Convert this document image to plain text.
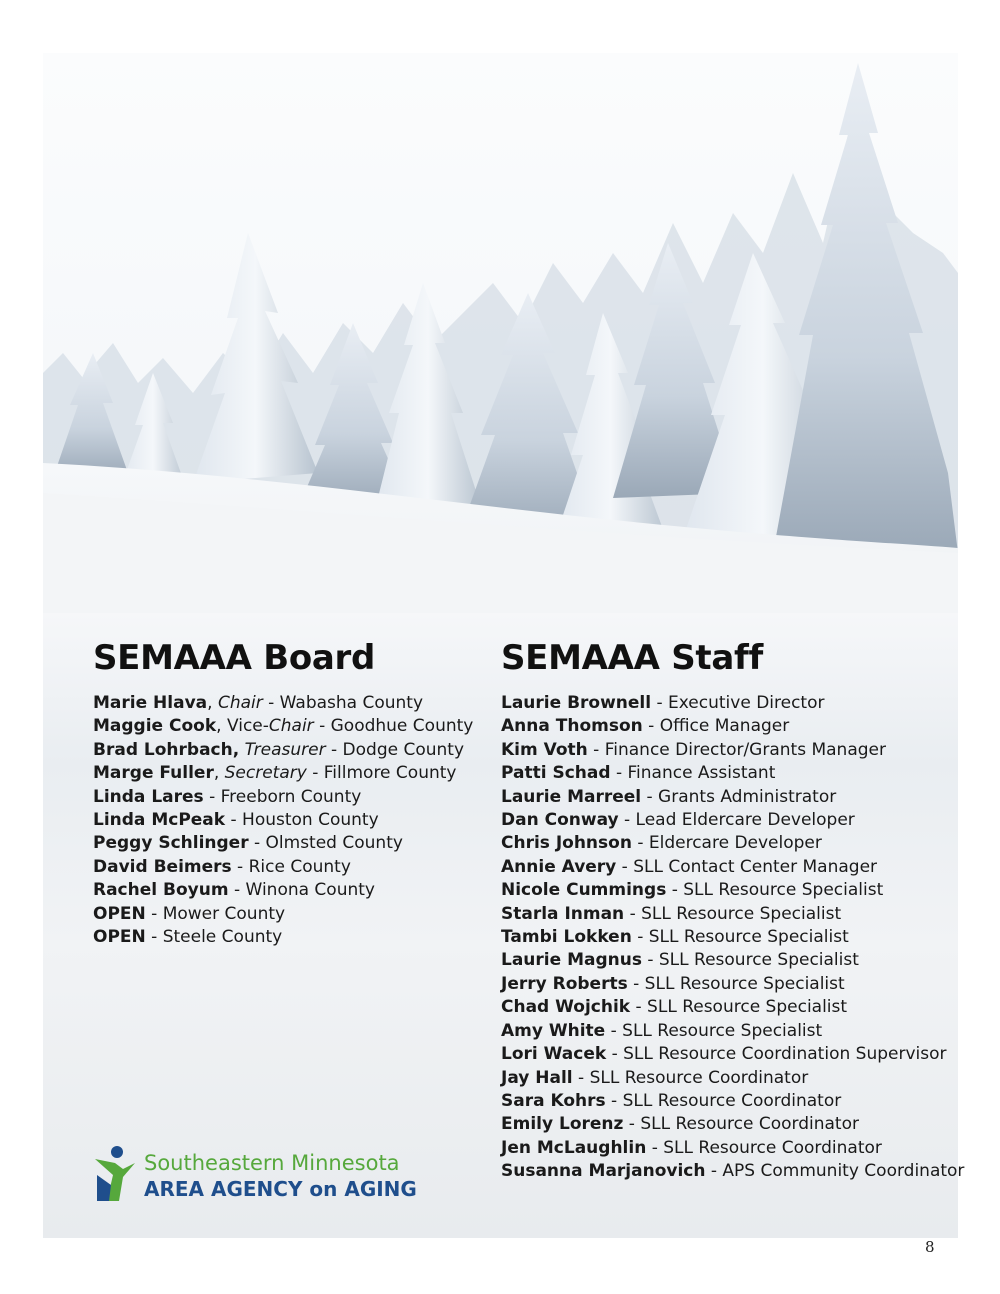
SEMAAA Board
Marie Hlava, Chair - Wabasha County
Maggie Cook, Vice-Chair - Goodhue County
Brad Lohrbach, Treasurer - Dodge County
Marge Fuller, Secretary - Fillmore County
Linda Lares - Freeborn County
Linda McPeak - Houston County
Peggy Schlinger - Olmsted County
David Beimers - Rice County
Rachel Boyum - Winona County
OPEN - Mower County
OPEN - Steele County
SEMAAA Staff
Laurie Brownell - Executive Director
Anna Thomson - Office Manager
Kim Voth - Finance Director/Grants Manager
Patti Schad - Finance Assistant
Laurie Marreel - Grants Administrator
Dan Conway - Lead Eldercare Developer
Chris Johnson - Eldercare Developer
Annie Avery - SLL Contact Center Manager
Nicole Cummings - SLL Resource Specialist
Starla Inman - SLL Resource Specialist
Tambi Lokken - SLL Resource Specialist
Laurie Magnus - SLL Resource Specialist
Jerry Roberts - SLL Resource Specialist
Chad Wojchik - SLL Resource Specialist
Amy White - SLL Resource Specialist
Lori Wacek - SLL Resource Coordination Supervisor
Jay Hall - SLL Resource Coordinator
Sara Kohrs - SLL Resource Coordinator
Emily Lorenz - SLL Resource Coordinator
Jen McLaughlin - SLL Resource Coordinator
Susanna Marjanovich - APS Community Coordinator
Southeastern Minnesota
AREA AGENCY on AGING
8
